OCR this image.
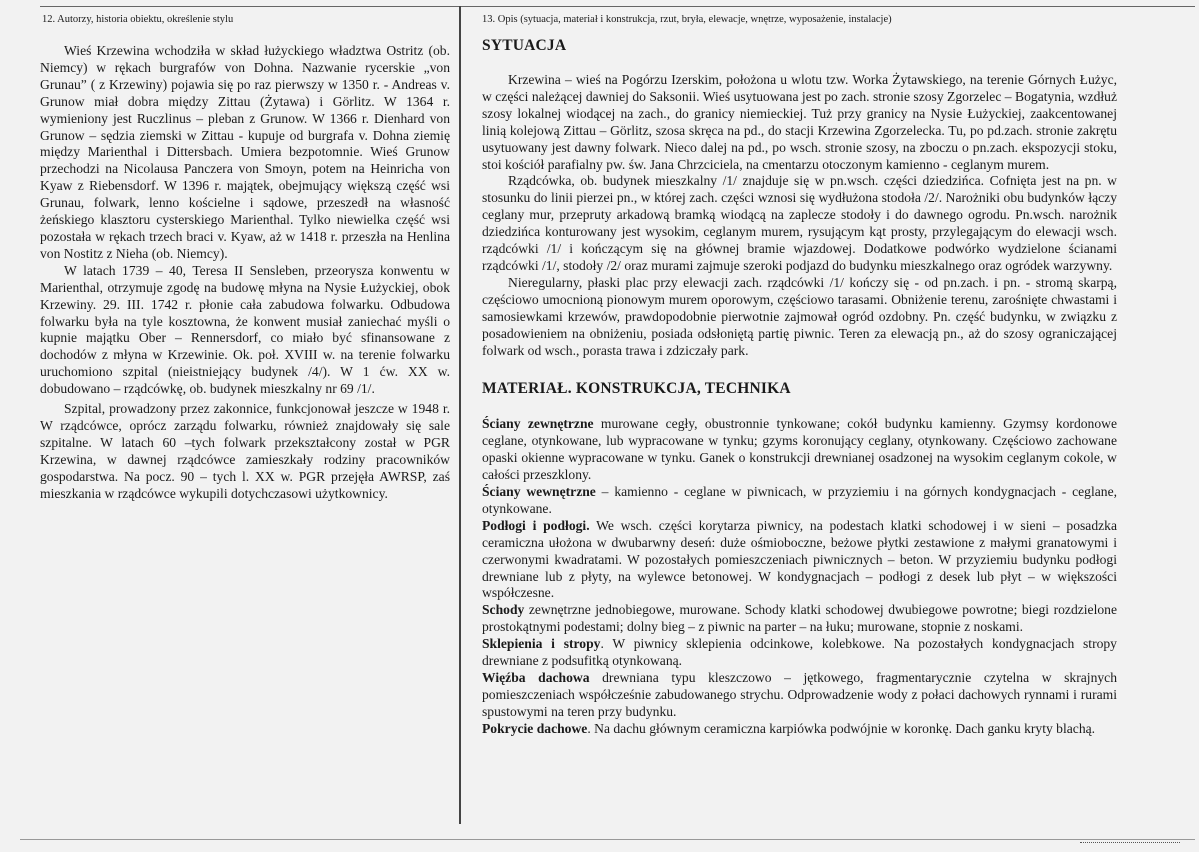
12. Autorzy, historia obiektu, określenie stylu

Wieś Krzewina wchodziła w skład łużyckiego władztwa Ostritz (ob. Niemcy) w rękach burgrafów von Dohna. Nazwanie rycerskie „von Grunau” ( z Krzewiny) pojawia się po raz pierwszy w 1350 r. - Andreas v. Grunow miał dobra między Zittau (Żytawa) i Görlitz. W 1364 r. wymieniony jest Ruczlinus – pleban z Grunow. W 1366 r. Dienhard von Grunow – sędzia ziemski w Zittau - kupuje od burgrafa v. Dohna ziemię między Marienthal i Dittersbach. Umiera bezpotomnie. Wieś Grunow przechodzi na Nicolausa Panczera von Smoyn, potem na Heinricha von Kyaw z Riebensdorf. W 1396 r. majątek, obejmujący większą część wsi Grunau, folwark, lenno kościelne i sądowe, przeszedł na własność żeńskiego klasztoru cysterskiego Marienthal. Tylko niewielka część wsi pozostała w rękach trzech braci v. Kyaw, aż w 1418 r. przeszła na Henlina von Nostitz z Nieha (ob. Niemcy).

W latach 1739 – 40, Teresa II Sensleben, przeorysza konwentu w Marienthal, otrzymuje zgodę na budowę młyna na Nysie Łużyckiej, obok Krzewiny. 29. III. 1742 r. płonie cała zabudowa folwarku. Odbudowa folwarku była na tyle kosztowna, że konwent musiał zaniechać myśli o kupnie majątku Ober – Rennersdorf, co miało być sfinansowane z dochodów z młyna w Krzewinie. Ok. poł. XVIII w. na terenie folwarku uruchomiono szpital (nieistniejący budynek /4/). W 1 ćw. XX w. dobudowano – rządcówkę, ob. budynek mieszkalny nr 69 /1/.

Szpital, prowadzony przez zakonnice, funkcjonował jeszcze w 1948 r. W rządcówce, oprócz zarządu folwarku, również znajdowały się sale szpitalne. W latach 60 –tych folwark przekształcony został w PGR Krzewina, w dawnej rządcówce zamieszkały rodziny pracowników gospodarstwa. Na pocz. 90 – tych l. XX w. PGR przejęła AWRSP, zaś mieszkania w rządcówce wykupili dotychczasowi użytkownicy.

13. Opis (sytuacja, materiał i konstrukcja, rzut, bryła, elewacje, wnętrze, wyposażenie, instalacje)
SYTUACJA

Krzewina – wieś na Pogórzu Izerskim, położona u wlotu tzw. Worka Żytawskiego, na terenie Górnych Łużyc, w części należącej dawniej do Saksonii. Wieś usytuowana jest po zach. stronie szosy Zgorzelec – Bogatynia, wzdłuż szosy lokalnej wiodącej na zach., do granicy niemieckiej. Tuż przy granicy na Nysie Łużyckiej, zaakcentowanej linią kolejową Zittau – Görlitz, szosa skręca na pd., do stacji Krzewina Zgorzelecka. Tu, po pd.zach. stronie zakrętu usytuowany jest dawny folwark. Nieco dalej na pd., po wsch. stronie szosy, na zboczu o pn.zach. ekspozycji stoku, stoi kościół parafialny pw. św. Jana Chrzciciela, na cmentarzu otoczonym kamienno - ceglanym murem.

Rządcówka, ob. budynek mieszkalny /1/ znajduje się w pn.wsch. części dziedzińca. Cofnięta jest na pn. w stosunku do linii pierzei pn., w której zach. części wznosi się wydłużona stodoła /2/. Narożniki obu budynków łączy ceglany mur, przepruty arkadową bramką wiodącą na zaplecze stodoły i do dawnego ogrodu. Pn.wsch. narożnik dziedzińca konturowany jest wysokim, ceglanym murem, rysującym kąt prosty, przylegającym do elewacji wsch. rządcówki /1/ i kończącym się na głównej bramie wjazdowej. Dodatkowe podwórko wydzielone ścianami rządcówki /1/, stodoły /2/ oraz murami zajmuje szeroki podjazd do budynku mieszkalnego oraz ogródek warzywny.

Nieregularny, płaski plac przy elewacji zach. rządcówki /1/ kończy się - od pn.zach. i pn. - stromą skarpą, częściowo umocnioną pionowym murem oporowym, częściowo tarasami. Obniżenie terenu, zarośnięte chwastami i samosiewkami krzewów, prawdopodobnie pierwotnie zajmował ogród ozdobny. Pn. część budynku, w związku z posadowieniem na obniżeniu, posiada odsłoniętą partię piwnic. Teren za elewacją pn., aż do szosy ograniczającej folwark od wsch., porasta trawa i zdziczały park.

MATERIAŁ. KONSTRUKCJA, TECHNIKA

Ściany zewnętrzne murowane cegły, obustronnie tynkowane; cokół budynku kamienny. Gzymsy kordonowe ceglane, otynkowane, lub wypracowane w tynku; gzyms koronujący ceglany, otynkowany. Częściowo zachowane opaski okienne wypracowane w tynku. Ganek o konstrukcji drewnianej osadzonej na wysokim ceglanym cokole, w całości przeszklony.

Ściany wewnętrzne – kamienno - ceglane w piwnicach, w przyziemiu i na górnych kondygnacjach - ceglane, otynkowane.

Podłogi i podłogi. We wsch. części korytarza piwnicy, na podestach klatki schodowej i w sieni – posadzka ceramiczna ułożona w dwubarwny deseń: duże ośmioboczne, beżowe płytki zestawione z małymi granatowymi i czerwonymi kwadratami. W pozostałych pomieszczeniach piwnicznych – beton. W przyziemiu budynku podłogi drewniane lub z płyty, na wylewce betonowej. W kondygnacjach – podłogi z desek lub płyt – w większości współczesne.

Schody zewnętrzne jednobiegowe, murowane. Schody klatki schodowej dwubiegowe powrotne; biegi rozdzielone prostokątnymi podestami; dolny bieg – z piwnic na parter – na łuku; murowane, stopnie z noskami.

Sklepienia i stropy. W piwnicy sklepienia odcinkowe, kolebkowe. Na pozostałych kondygnacjach stropy drewniane z podsufitką otynkowaną.

Więźba dachowa drewniana typu kleszczowo – jętkowego, fragmentarycznie czytelna w skrajnych pomieszczeniach współcześnie zabudowanego strychu. Odprowadzenie wody z połaci dachowych rynnami i rurami spustowymi na teren przy budynku.

Pokrycie dachowe. Na dachu głównym ceramiczna karpiówka podwójnie w koronkę. Dach ganku kryty blachą.
